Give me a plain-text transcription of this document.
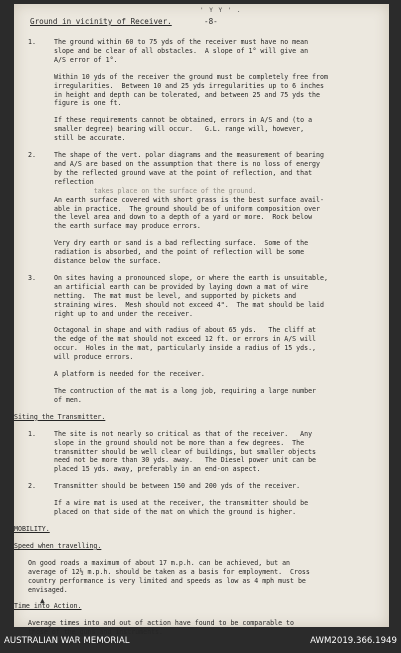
' Y Y ' .
Ground in vicinity of Receiver.	-8-
1.	The ground within 60 to 75 yds of the receiver must have no mean

slope and be clear of all obstacles.  A slope of 1° will give an

A/S error of 1°.

Within 10 yds of the receiver the ground must be completely free from

irregularities.  Between 10 and 25 yds irregularities up to 6 inches

in height and depth can be tolerated, and between 25 and 75 yds the

figure is one ft.

If these requirements cannot be obtained, errors in A/S and (to a

smaller degree) bearing will occur.   G.L. range will, however,

still be accurate.

2.	The shape of the vert. polar diagrams and the measurement of bearing

and A/S are based on the assumption that there is no loss of energy

by the reflected ground wave at the point of reflection, and that

reflection

takes place on the surface of the ground.

An earth surface covered with short grass is the best surface avail-

able in practice.  The ground should be of uniform composition over

the level area and down to a depth of a yard or more.  Rock below

the earth surface may produce errors.

Very dry earth or sand is a bad reflecting surface.  Some of the

radiation is absorbed, and the point of reflection will be some

distance below the surface.

3.	On sites having a pronounced slope, or where the earth is unsuitable,

an artificial earth can be provided by laying down a mat of wire

netting.  The mat must be level, and supported by pickets and

straining wires.  Mesh should not exceed 4".  The mat should be laid

right up to and under the receiver.

Octagonal in shape and with radius of about 65 yds.   The cliff at

the edge of the mat should not exceed 12 ft. or errors in A/S will

occur.  Holes in the mat, particularly inside a radius of 15 yds.,

will produce errors.

A platform is needed for the receiver.

The contruction of the mat is a long job, requiring a large number

of men.

Siting the Transmitter.

1.	The site is not nearly so critical as that of the receiver.   Any

slope in the ground should not be more than a few degrees.  The

transmitter should be well clear of buildings, but smaller objects

need not be more than 30 yds. away.   The Diesel power unit can be

placed 15 yds. away, preferably in an end-on aspect.

2.	Transmitter should be between 150 and 200 yds of the receiver.

If a wire mat is used at the receiver, the transmitter should be

placed on that side of the mat on which the ground is higher.

MOBILITY.

Speed when travelling.

On good roads a maximum of about 17 m.p.h. can be achieved, but an

average of 12½ m.p.h. should be taken as a basis for employment.  Cross

country performance is very limited and speeds as low as 4 mph must be

envisaged.

Time into Action.

Average times into and out of action have found to be comparable to

those of the guns and instruments.

▲
AUSTRALIAN WAR MEMORIAL	AWM2019.366.1949
